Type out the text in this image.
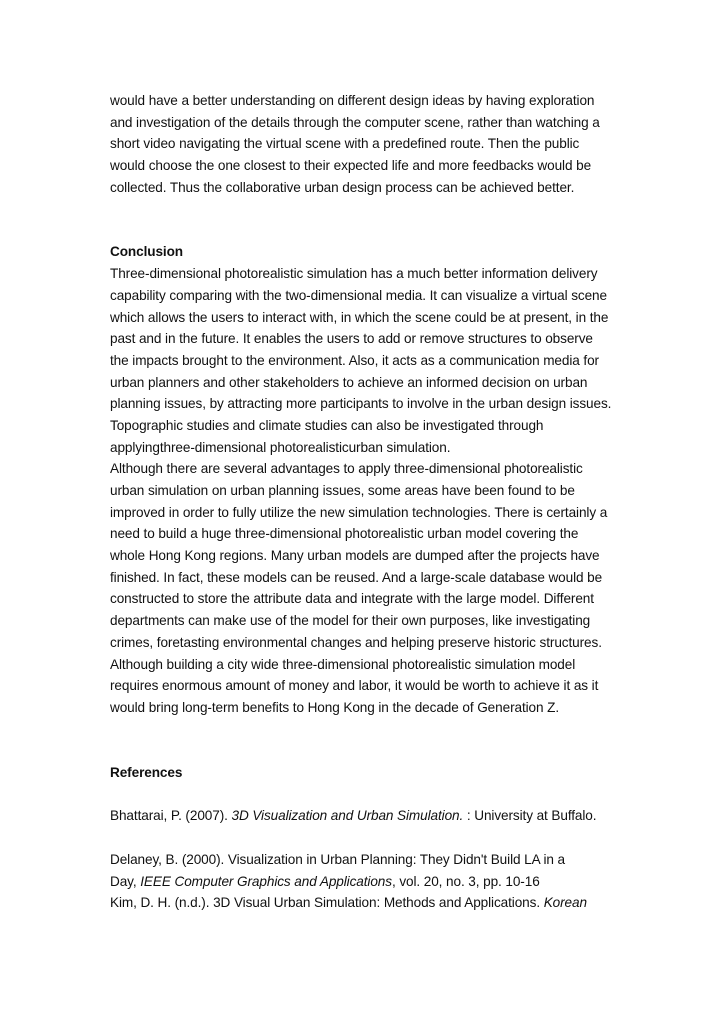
would have a better understanding on different design ideas by having exploration
and investigation of the details through the computer scene, rather than watching a
short video navigating the virtual scene with a predefined route. Then the public
would choose the one closest to their expected life and more feedbacks would be
collected. Thus the collaborative urban design process can be achieved better.
Conclusion
Three-dimensional photorealistic simulation has a much better information delivery
capability comparing with the two-dimensional media. It can visualize a virtual scene
which allows the users to interact with, in which the scene could be at present, in the
past and in the future. It enables the users to add or remove structures to observe
the impacts brought to the environment. Also, it acts as a communication media for
urban planners and other stakeholders to achieve an informed decision on urban
planning issues, by attracting more participants to involve in the urban design issues.
Topographic studies and climate studies can also be investigated through
applyingthree-dimensional photorealisticurban simulation.
Although there are several advantages to apply three-dimensional photorealistic
urban simulation on urban planning issues, some areas have been found to be
improved in order to fully utilize the new simulation technologies. There is certainly a
need to build a huge three-dimensional photorealistic urban model covering the
whole Hong Kong regions. Many urban models are dumped after the projects have
finished. In fact, these models can be reused. And a large-scale database would be
constructed to store the attribute data and integrate with the large model. Different
departments can make use of the model for their own purposes, like investigating
crimes, foretasting environmental changes and helping preserve historic structures.
Although building a city wide three-dimensional photorealistic simulation model
requires enormous amount of money and labor, it would be worth to achieve it as it
would bring long-term benefits to Hong Kong in the decade of Generation Z.
References
Bhattarai, P. (2007). 3D Visualization and Urban Simulation. : University at Buffalo.
Delaney, B. (2000). Visualization in Urban Planning: They Didn't Build LA in a
Day, IEEE Computer Graphics and Applications, vol. 20, no. 3, pp. 10-16
Kim, D. H. (n.d.). 3D Visual Urban Simulation: Methods and Applications. Korean
